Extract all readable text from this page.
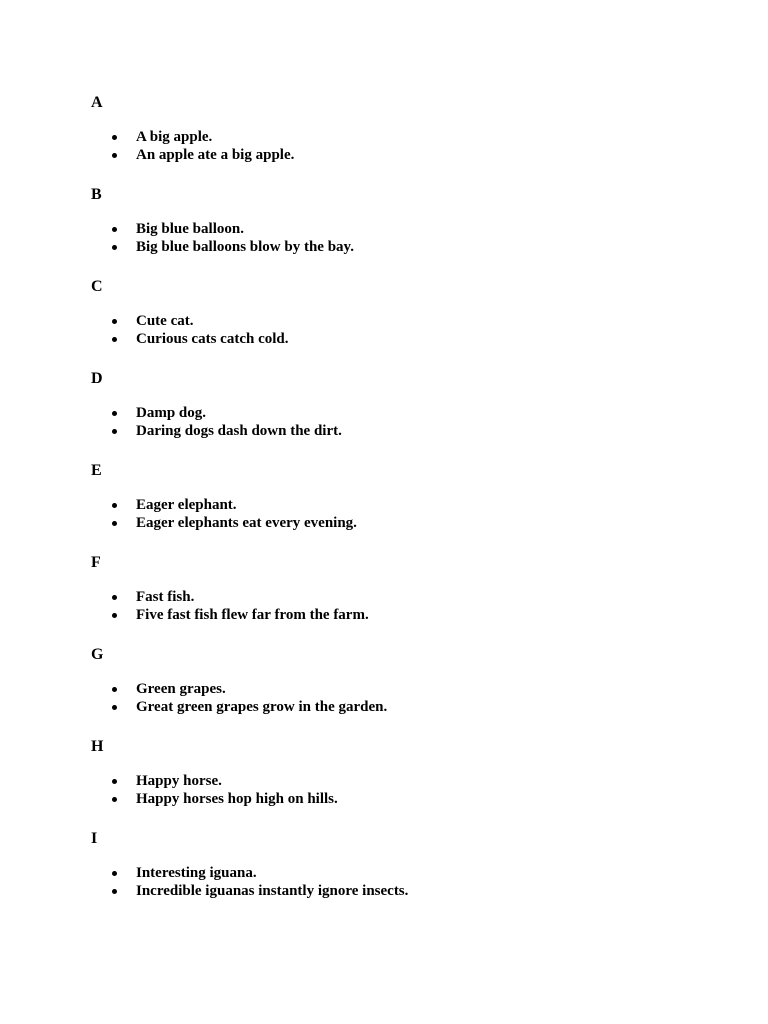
A
A big apple.
An apple ate a big apple.
B
Big blue balloon.
Big blue balloons blow by the bay.
C
Cute cat.
Curious cats catch cold.
D
Damp dog.
Daring dogs dash down the dirt.
E
Eager elephant.
Eager elephants eat every evening.
F
Fast fish.
Five fast fish flew far from the farm.
G
Green grapes.
Great green grapes grow in the garden.
H
Happy horse.
Happy horses hop high on hills.
I
Interesting iguana.
Incredible iguanas instantly ignore insects.
